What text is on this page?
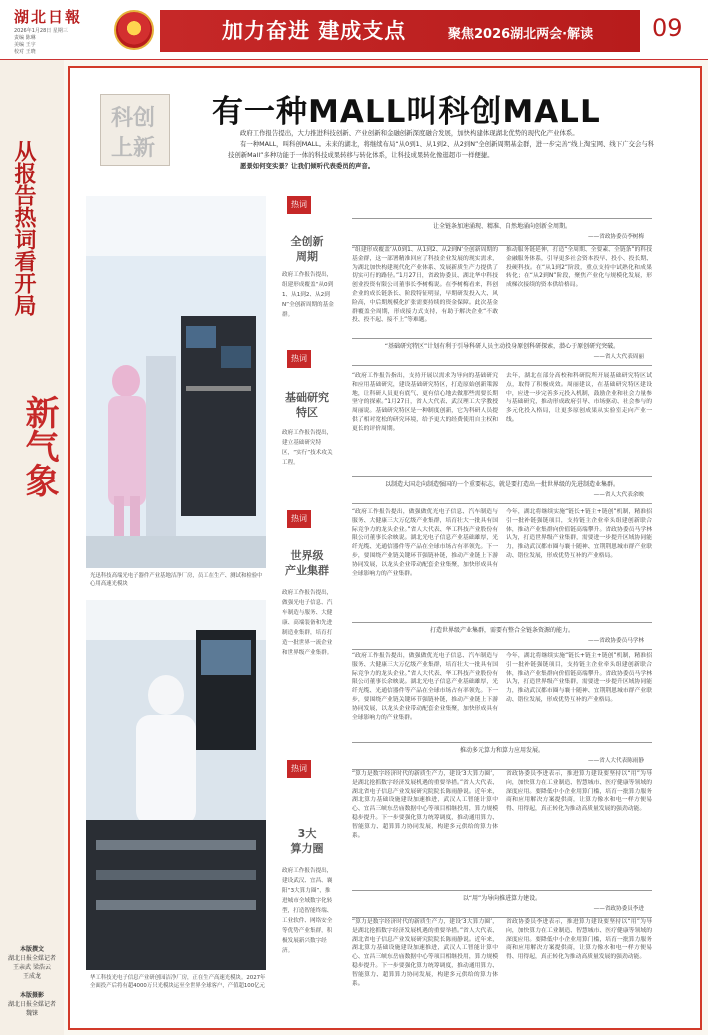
湖北日報
2026年1月28日 星期三
责编 陈琳
美编 王宇
校对 王晓
加力奋进 建成支点	聚焦2026湖北两会·解读 09
从报告热词看开局
新气象
本版撰文
湖北日报全媒记者
王亲武 梁浩云
王成龙
本版摄影
湖北日报全媒记者
魏铼
科创
上新
有一种MALL叫科创MALL

政府工作报告提出，大力推进科技创新、产业创新和金融创新深度融合发展，加快构建体现湖北优势的现代化产业体系。

有一种MALL，叫科创MALL。未来的湖北，将继续布局“从0到1、从1到2、从2到N”全创新周期基金群，进一步完善“线上淘宝网、线下广交会与科技创新Mall”多种功能于一体的科技成果转移与转化体系，让科技成果转化像逛超市一样便捷。

愿景如何变实景？让我们倾听代表委员的声音。

光迅科技高端光电子器件产业基地洁净厂房，员工在生产、测试和检验中心用高速光模块
华工科技光电子信息产业研创园洁净厂房，正在生产高速光模块。2027年全面投产后将有超4000万只光模块运至全世界全球客户，产值超100亿元
热词
全创新
周期
政府工作报告提出，组建形成覆盖“从0到1、从1到2、从2到N”全创新周期的基金群。
让全链条加速涌现、精准、自然地涌向创新全周期。
——省政协委员李树梅
“组建形成覆盖‘从0到1、从1到2、从2到N’全创新周期的基金群，这一部署精准回应了科技企业发展的现实需求，为湖北加快构建现代化产业体系、发展新质生产力提供了切实可行的路径。”1月27日，省政协委员、湖北华中科技创业投资有限公司董事长李树梅说。在李树梅看来，科创企业的成长链条长、阶段特征明显，早期研发投入大、风险高，中后期规模化扩张需要持续的资金保障。此次基金群覆盖全周期，形成接力式支持，有助于解决企业“不敢投、投不起、接不上”等难题。
推动服务链延伸，打造“全周期、全要素、全链条”的科技金融服务体系，引导更多社会资本投早、投小、投长期、投硬科技。在“从1到2”阶段，重点支持中试熟化和成果转化；在“从2到N”阶段，聚焦产业化与规模化发展，形成梯次接续的资本供给格局。
热词
基础研究
特区
政府工作报告提出，建立基础研究特区，“实行”技术攻关工程。
“基础研究特区”计划有利于引导科研人员主动投身原创科研探索，潜心于原创研究突破。
——省人大代表周丽
“政府工作报告指出，支持开展以需求为导向的基础研究和应用基础研究，建设基础研究特区，打造原始创新策源地，让科研人员更有底气、更有信心地去做那些需要长期坚守的探索。”1月27日，省人大代表、武汉理工大学教授周丽说。基础研究特区是一种制度创新，它为科研人员提供了相对宽松的研究环境，给予更大的经费使用自主权和更长的评价周期。
去年，湖北在部分高校和科研院所开展基础研究特区试点，取得了积极成效。周丽建议，在基础研究特区建设中，应进一步完善多元投入机制，鼓励企业和社会力量参与基础研究，推动形成政府引导、市场驱动、社会参与的多元化投入格局，让更多原创成果从实验室走向产业一线。
热词
世界级
产业集群
政府工作报告提出，做强光电子信息、汽车制造与服务、大健康、高端装备和先进制造业集群，培育打造一批世界一流企业和世界级产业集群。
以制造大国走向制造强国的一个重要标志，就是要打造出一批世界级的先进制造业集群。
——省人大代表余映
“政府工作报告提出，做强做优光电子信息、汽车制造与服务、大健康三大万亿级产业集群，培育壮大一批具有国际竞争力的龙头企业。”省人大代表、华工科技产业股份有限公司董事长余映说。湖北光电子信息产业基础雄厚，光纤光缆、光通信器件等产品在全球市场占有率领先。下一步，要围绕产业链关键环节强链补链，推动产业链上下游协同发展，以龙头企业带动配套企业集聚，加快形成具有全球影响力的产业集群。
今年，湖北将继续实施“链长+链主+链创”机制，精准招引一批补链强链项目，支持链主企业牵头组建创新联合体，推动产业集群向价值链高端攀升。省政协委员马学林认为，打造世界级产业集群，需要进一步提升区域协同能力，推动武汉都市圈与襄十随神、宜荆荆恩城市群产业联动、错位发展，形成优势互补的产业格局。
打造世界级产业集群，需要有整合全链条资源的能力。
——省政协委员马学林
“政府工作报告提出，做强做优光电子信息、汽车制造与服务、大健康三大万亿级产业集群，培育壮大一批具有国际竞争力的龙头企业。”省人大代表、华工科技产业股份有限公司董事长余映说。湖北光电子信息产业基础雄厚，光纤光缆、光通信器件等产品在全球市场占有率领先。下一步，要围绕产业链关键环节强链补链，推动产业链上下游协同发展，以龙头企业带动配套企业集聚，加快形成具有全球影响力的产业集群。
今年，湖北将继续实施“链长+链主+链创”机制，精准招引一批补链强链项目，支持链主企业牵头组建创新联合体，推动产业集群向价值链高端攀升。省政协委员马学林认为，打造世界级产业集群，需要进一步提升区域协同能力，推动武汉都市圈与襄十随神、宜荆荆恩城市群产业联动、错位发展，形成优势互补的产业格局。
热词
3大
算力圈
政府工作报告提出，建设武汉、宜昌、襄阳“3大算力圈”，推进城市全域数字化转型，打造智能终端、工业软件、网络安全等优势产业集群，积极发展新兴数字经济。
推动多元算力和算力应用发展。
——省人大代表陈雨静
“算力是数字经济时代的新质生产力，建设‘3大算力圈’，是湖北抢抓数字经济发展机遇的重要举措。”省人大代表、湖北省电子信息产业发展研究院院长陈雨静说。近年来，湖北算力基础设施建设加速推进，武汉人工智能计算中心、宜昌三峡东岳庙数据中心等项目相继投用，算力规模稳步提升。下一步要强化算力统筹调度，推动通用算力、智能算力、超算算力协同发展，构建多元供给的算力体系。
省政协委员李进表示，推进算力建设要坚持以“用”为导向，加快算力在工业制造、智慧城市、医疗健康等领域的深度应用。要降低中小企业用算门槛，培育一批算力服务商和应用解决方案提供商，让算力像水和电一样方便易得、用得起，真正转化为推动高质量发展的强劲动能。
以“用”为导向推进算力建设。
——省政协委员李进
“算力是数字经济时代的新质生产力，建设‘3大算力圈’，是湖北抢抓数字经济发展机遇的重要举措。”省人大代表、湖北省电子信息产业发展研究院院长陈雨静说。近年来，湖北算力基础设施建设加速推进，武汉人工智能计算中心、宜昌三峡东岳庙数据中心等项目相继投用，算力规模稳步提升。下一步要强化算力统筹调度，推动通用算力、智能算力、超算算力协同发展，构建多元供给的算力体系。
省政协委员李进表示，推进算力建设要坚持以“用”为导向，加快算力在工业制造、智慧城市、医疗健康等领域的深度应用。要降低中小企业用算门槛，培育一批算力服务商和应用解决方案提供商，让算力像水和电一样方便易得、用得起，真正转化为推动高质量发展的强劲动能。
